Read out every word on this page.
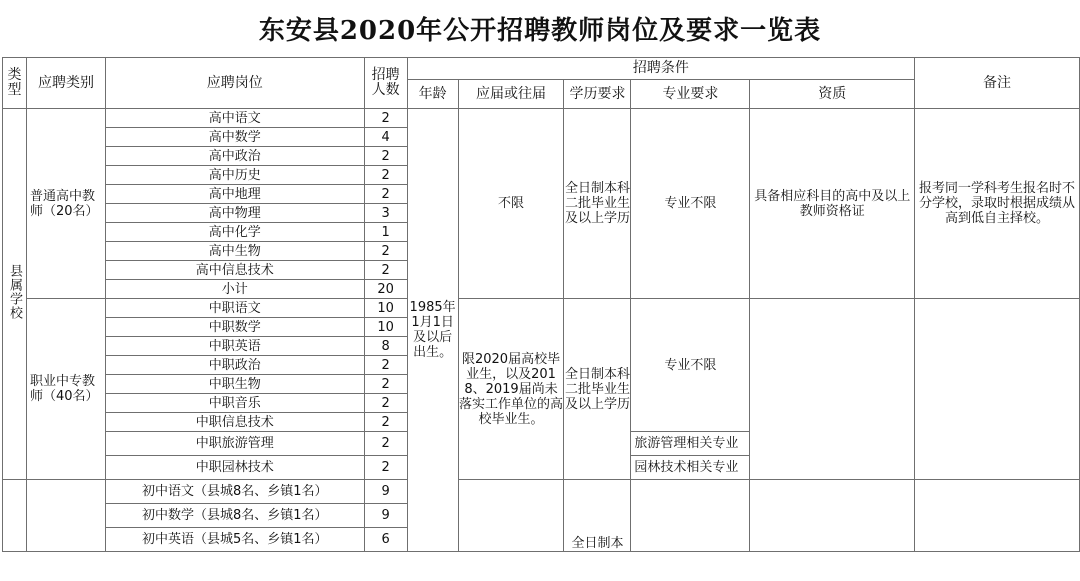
东安县2020年公开招聘教师岗位及要求一览表
类型	应聘类别	应聘岗位	招聘人数	招聘条件					备注
				年龄	应届或往届	学历要求	专业要求	资质	
县属学校	普通高中教师（20名）	高中语文	2	1985年1月1日及以后出生。	不限	全日制本科二批毕业生及以上学历	专业不限	具备相应科目的高中及以上教师资格证	报考同一学科考生报名时不分学校，录取时根据成绩从高到低自主择校。
		高中数学	4						
		高中政治	2						
		高中历史	2						
		高中地理	2						
		高中物理	3						
		高中化学	1						
		高中生物	2						
		高中信息技术	2						
		小计	20						
	职业中专教师（40名）	中职语文	10		限2020届高校毕业生，以及2018、2019届尚未落实工作单位的高校毕业生。	全日制本科二批毕业生及以上学历	专业不限		
		中职数学	10						
		中职英语	8						
		中职政治	2						
		中职生物	2						
		中职音乐	2						
		中职信息技术	2						
		中职旅游管理	2				旅游管理相关专业		
		中职园林技术	2				园林技术相关专业		
		初中语文（县城8名、乡镇1名）	9			全日制本			
		初中数学（县城8名、乡镇1名）	9						
		初中英语（县城5名、乡镇1名）	6						
